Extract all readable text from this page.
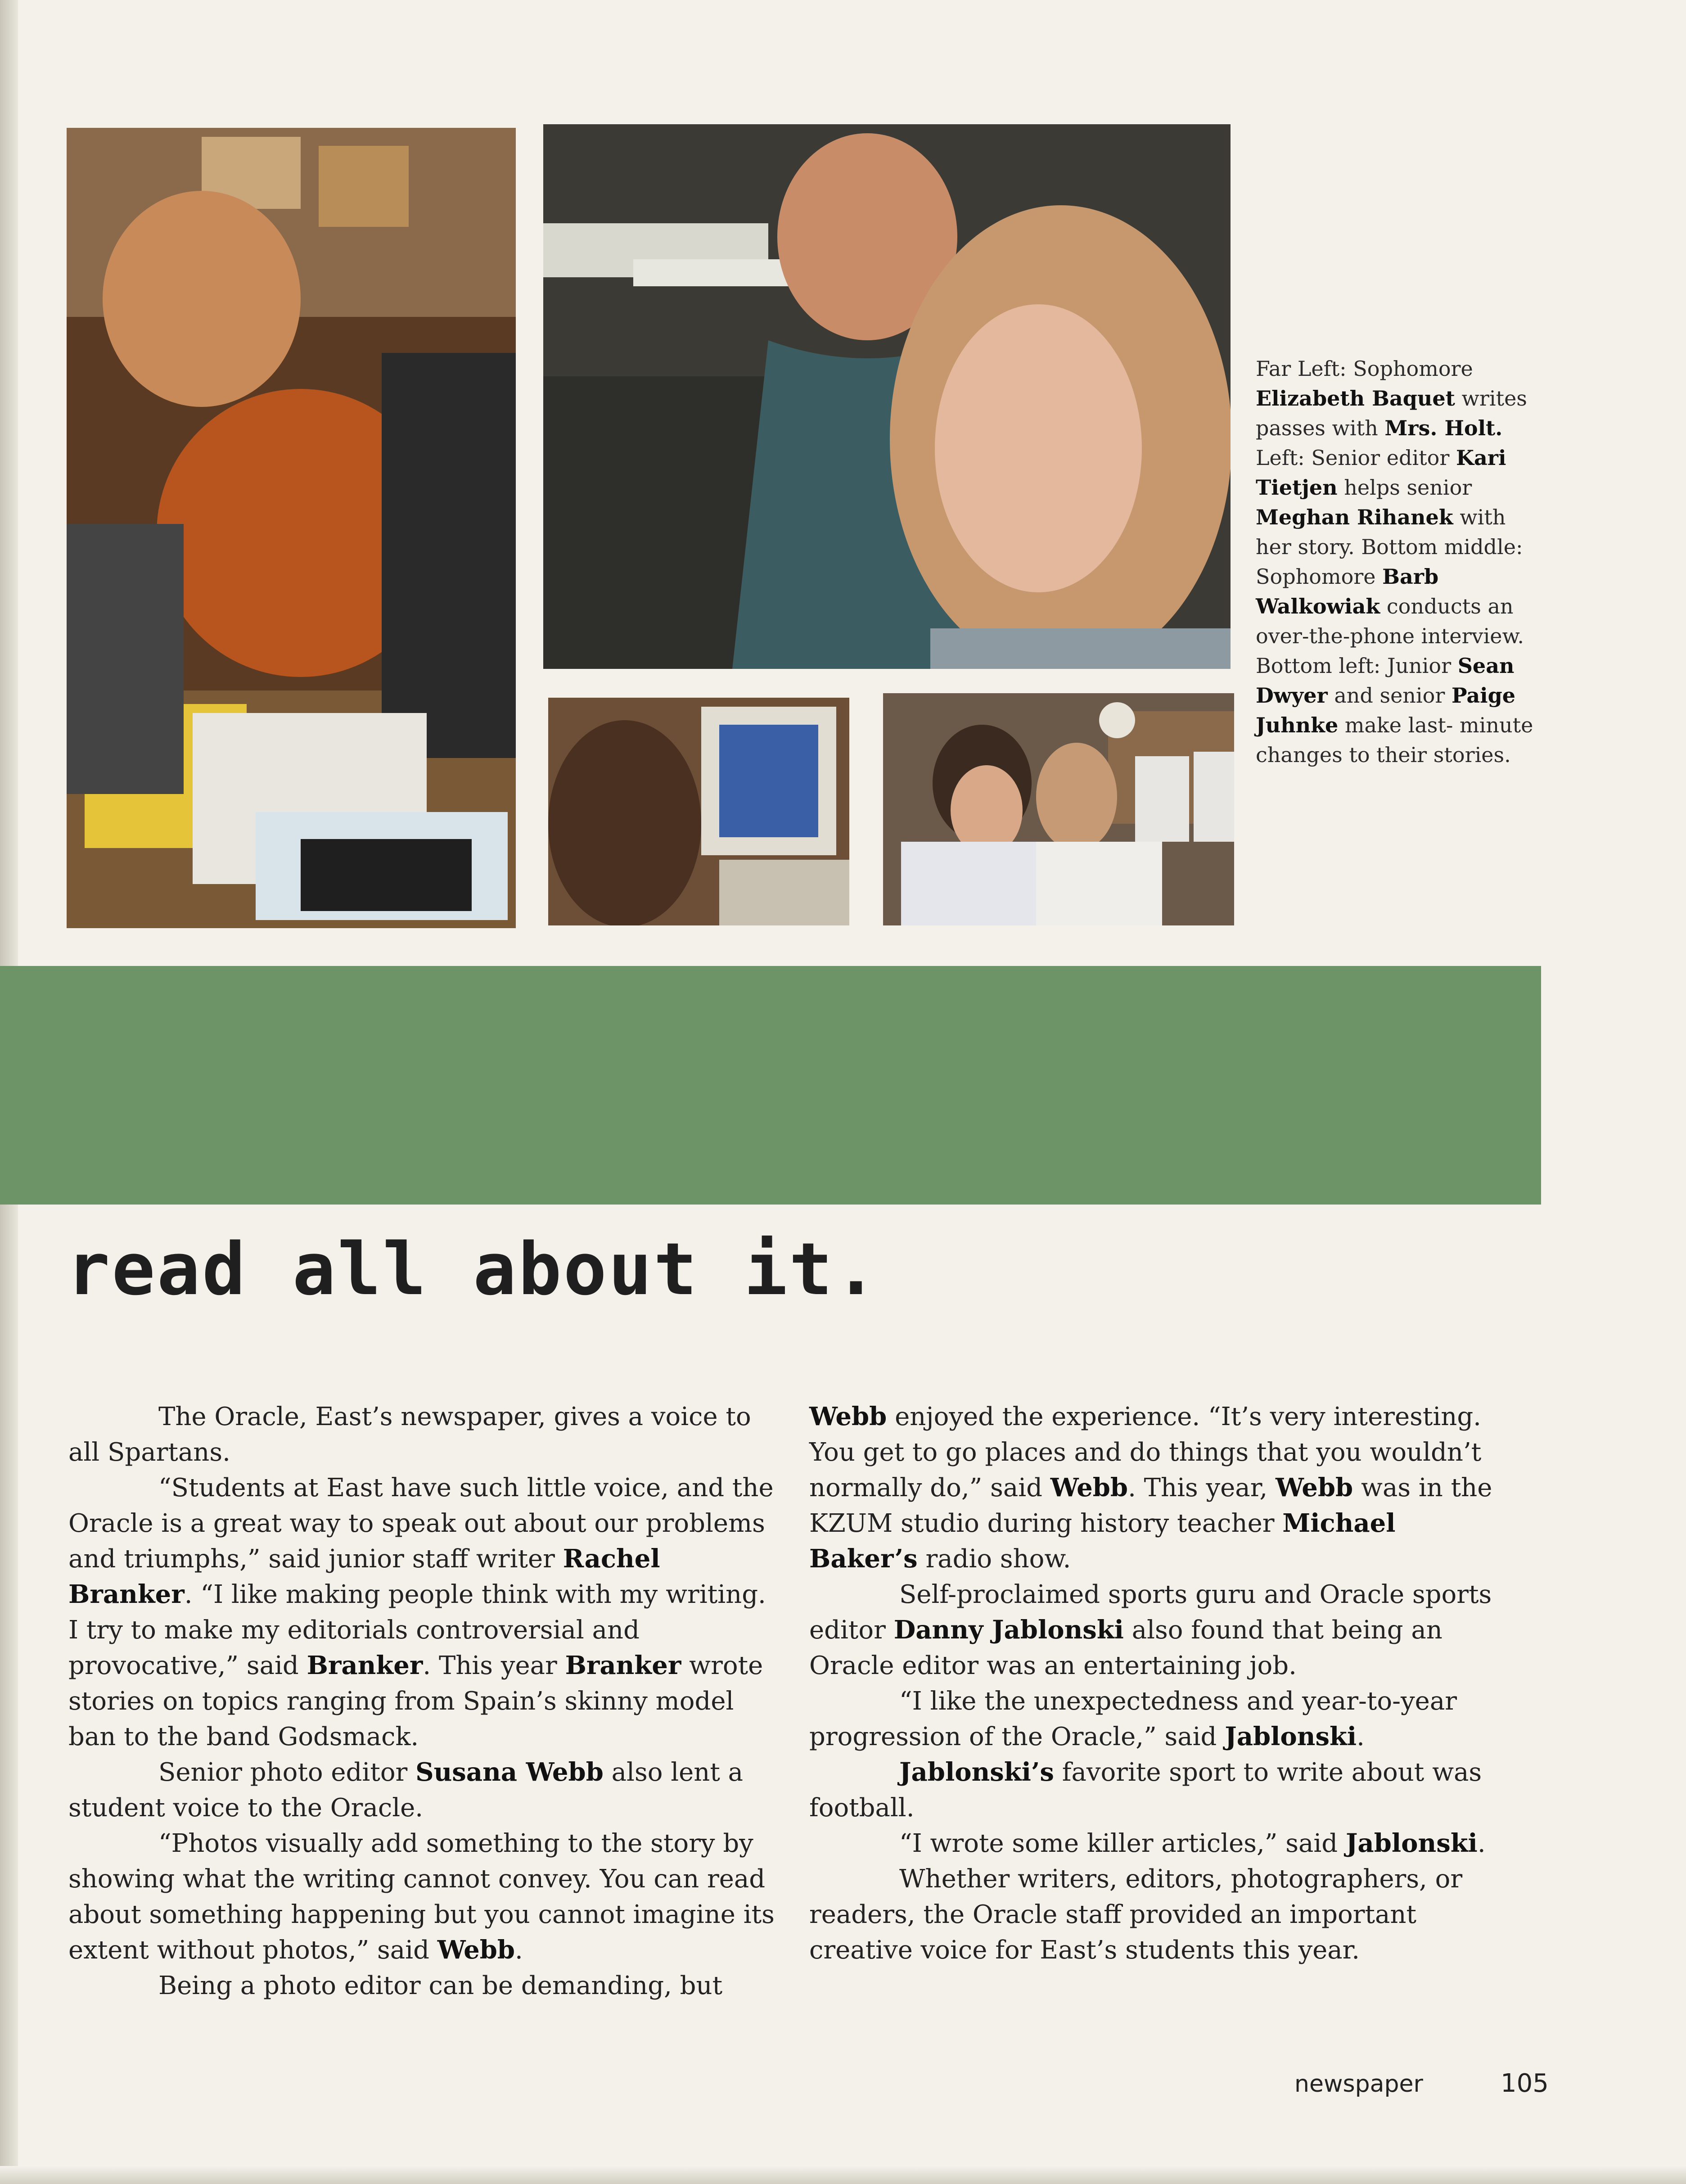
Far Left: Sophomore Elizabeth Baquet writes passes with Mrs. Holt. Left: Senior editor Kari Tietjen helps senior Meghan Rihanek with her story. Bottom middle: Sophomore Barb Walkowiak conducts an over-the-phone interview. Bottom left: Junior Sean Dwyer and senior Paige Juhnke make last- minute changes to their stories.
read all about it.

The Oracle, East’s newspaper, gives a voice to all Spartans.

“Students at East have such little voice, and the Oracle is a great way to speak out about our problems and triumphs,” said junior staff writer Rachel Branker. “I like making people think with my writing. I try to make my editorials controversial and provocative,” said Branker. This year Branker wrote stories on topics ranging from Spain’s skinny model ban to the band Godsmack.

Senior photo editor Susana Webb also lent a student voice to the Oracle.

“Photos visually add something to the story by showing what the writing cannot convey. You can read about something happening but you cannot imagine its extent without photos,” said Webb.

Being a photo editor can be demanding, but

Webb enjoyed the experience. “It’s very interesting. You get to go places and do things that you wouldn’t normally do,” said Webb. This year, Webb was in the KZUM studio during history teacher Michael Baker’s radio show.

Self-proclaimed sports guru and Oracle sports editor Danny Jablonski also found that being an Oracle editor was an entertaining job.

“I like the unexpectedness and year-to-year progression of the Oracle,” said Jablonski.

Jablonski’s favorite sport to write about was football.

“I wrote some killer articles,” said Jablonski.

Whether writers, editors, photographers, or readers, the Oracle staff provided an important creative voice for East’s students this year.

newspaper	105
